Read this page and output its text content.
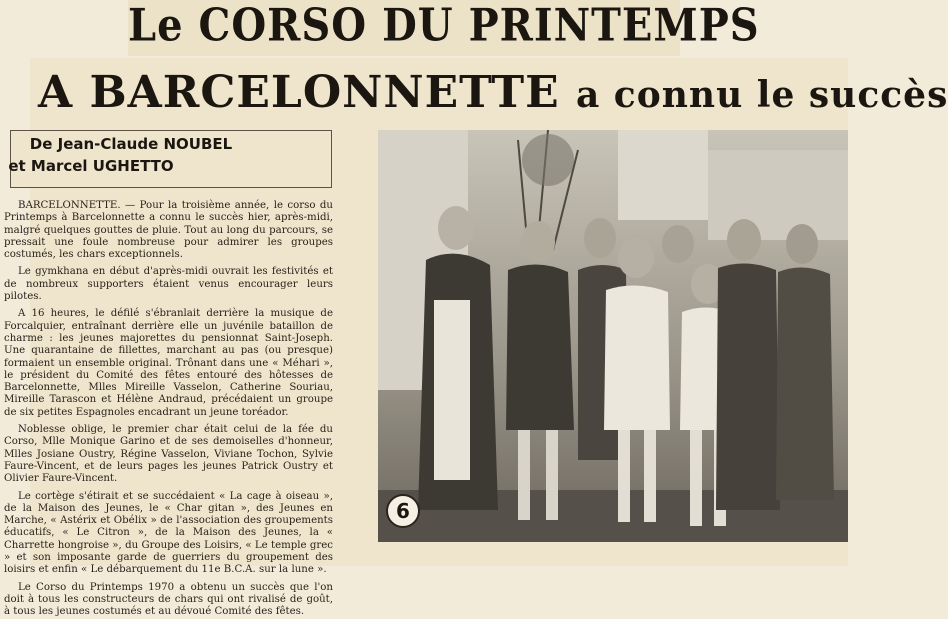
Le CORSO DU PRINTEMPS
A BARCELONNETTE a connu le succès
De Jean-Claude NOUBEL
et Marcel UGHETTO

BARCELONNETTE. — Pour la troisième année, le corso du Printemps à Barcelonnette a connu le succès hier, après-midi, malgré quelques gouttes de pluie. Tout au long du parcours, se pressait une foule nombreuse pour admirer les groupes costumés, les chars exceptionnels.

Le gymkhana en début d'après-midi ouvrait les festivités et de nombreux supporters étaient venus encourager leurs pilotes.

A 16 heures, le défilé s'ébranlait derrière la musique de Forcalquier, entraînant derrière elle un juvénile bataillon de charme : les jeunes majorettes du pensionnat Saint-Joseph. Une quarantaine de fillettes, marchant au pas (ou presque) formaient un ensemble original. Trônant dans une « Méhari », le président du Comité des fêtes entouré des hôtesses de Barcelonnette, Mlles Mireille Vasselon, Catherine Souriau, Mireille Tarascon et Hélène Andraud, précédaient un groupe de six petites Espagnoles encadrant un jeune toréador.

Noblesse oblige, le premier char était celui de la fée du Corso, Mlle Monique Garino et de ses demoiselles d'honneur, Mlles Josiane Oustry, Régine Vasselon, Viviane Tochon, Sylvie Faure-Vincent, et de leurs pages les jeunes Patrick Oustry et Olivier Faure-Vincent.

Le cortège s'étirait et se succédaient « La cage à oiseau », de la Maison des Jeunes, le « Char gitan », des Jeunes en Marche, « Astérix et Obélix » de l'association des groupements éducatifs, « Le Citron », de la Maison des Jeunes, la « Charrette hongroise », du Groupe des Loisirs, « Le temple grec » et son imposante garde de guerriers du groupement des loisirs et enfin « Le débarquement du 11e B.C.A. sur la lune ».

Le Corso du Printemps 1970 a obtenu un succès que l'on doit à tous les constructeurs de chars qui ont rivalisé de goût, à tous les jeunes costumés et au dévoué Comité des fêtes.

6
